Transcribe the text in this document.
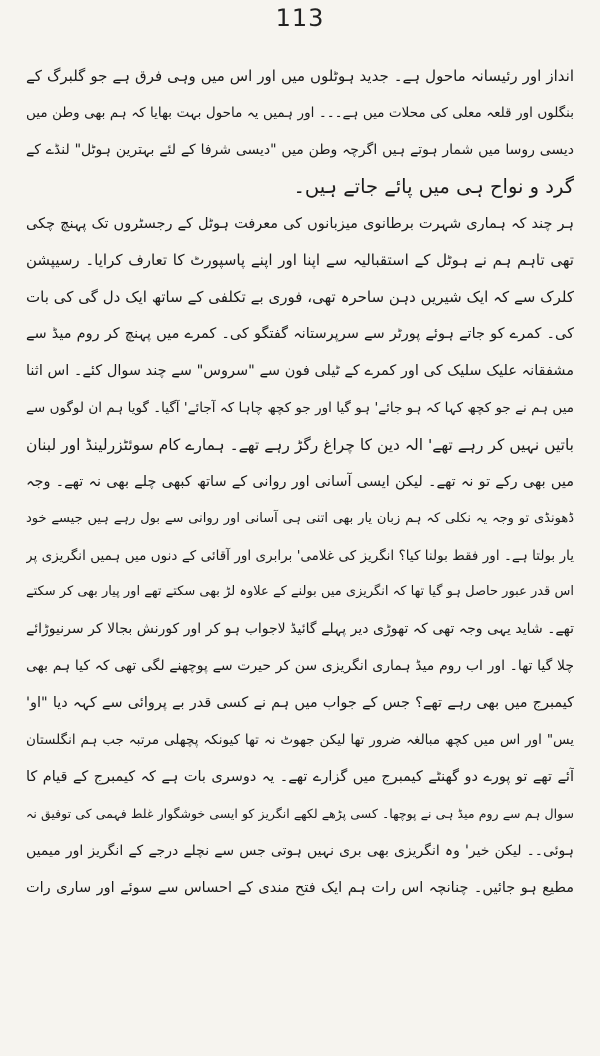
113
انداز اور رئیسانہ ماحول ہے۔ جدید ہوٹلوں میں اور اس میں وہی فرق ہے جو گلبرگ کے
بنگلوں اور قلعہ معلی کی محلات میں ہے۔۔۔ اور ہمیں یہ ماحول بہت بھایا کہ ہم بھی وطن میں
دیسی روسا میں شمار ہوتے ہیں اگرچہ وطن میں "دیسی شرفا کے لئے بہترین ہوٹل" لنڈے کے
گرد و نواح ہی میں پائے جاتے ہیں۔
ہر چند کہ ہماری شہرت برطانوی میزبانوں کی معرفت ہوٹل کے رجسٹروں تک پہنچ چکی
تھی تاہم ہم نے ہوٹل کے استقبالیہ سے اپنا اور اپنے پاسپورٹ کا تعارف کرایا۔ رسیپشن
کلرک سے کہ ایک شیریں دہن ساحرہ تھی، فوری بے تکلفی کے ساتھ ایک دل گی کی بات
کی۔ کمرے کو جاتے ہوئے پورٹر سے سرپرستانہ گفتگو کی۔ کمرے میں پہنچ کر روم میڈ سے
مشفقانہ علیک سلیک کی اور کمرے کے ٹیلی فون سے "سروس" سے چند سوال کئے۔ اس اثنا
میں ہم نے جو کچھ کہا کہ ہو جائے' ہو گیا اور جو کچھ چاہا کہ آجائے' آگیا۔ گویا ہم ان لوگوں سے
باتیں نہیں کر رہے تھے' الہ دین کا چراغ رگڑ رہے تھے۔ ہمارے کام سوئٹزرلینڈ اور لبنان
میں بھی رکے تو نہ تھے۔ لیکن ایسی آسانی اور روانی کے ساتھ کبھی چلے بھی نہ تھے۔ وجہ
ڈھونڈی تو وجہ یہ نکلی کہ ہم زبان یار بھی اتنی ہی آسانی اور روانی سے بول رہے ہیں جیسے خود
یار بولتا ہے۔ اور فقط بولنا کیا؟ انگریز کی غلامی' برابری اور آقائی کے دنوں میں ہمیں انگریزی پر
اس قدر عبور حاصل ہو گیا تھا کہ انگریزی میں بولنے کے علاوہ لڑ بھی سکتے تھے اور پیار بھی کر سکتے
تھے۔ شاید یہی وجہ تھی کہ تھوڑی دیر پہلے گائیڈ لاجواب ہو کر اور کورنش بجالا کر سرنیوڑائے
چلا گیا تھا۔ اور اب روم میڈ ہماری انگریزی سن کر حیرت سے پوچھنے لگی تھی کہ کیا ہم بھی
کیمبرج میں بھی رہے تھے؟ جس کے جواب میں ہم نے کسی قدر بے پروائی سے کہہ دیا "او'
یس" اور اس میں کچھ مبالغہ ضرور تھا لیکن جھوٹ نہ تھا کیونکہ پچھلی مرتبہ جب ہم انگلستان
آئے تھے تو پورے دو گھنٹے کیمبرج میں گزارے تھے۔ یہ دوسری بات ہے کہ کیمبرج کے قیام کا
سوال ہم سے روم میڈ ہی نے پوچھا۔ کسی پڑھے لکھے انگریز کو ایسی خوشگوار غلط فہمی کی توفیق نہ
ہوئی۔۔ لیکن خیر' وہ انگریزی بھی بری نہیں ہوتی جس سے نچلے درجے کے انگریز اور میمیں
مطیع ہو جائیں۔ چنانچہ اس رات ہم ایک فتح مندی کے احساس سے سوئے اور ساری رات
